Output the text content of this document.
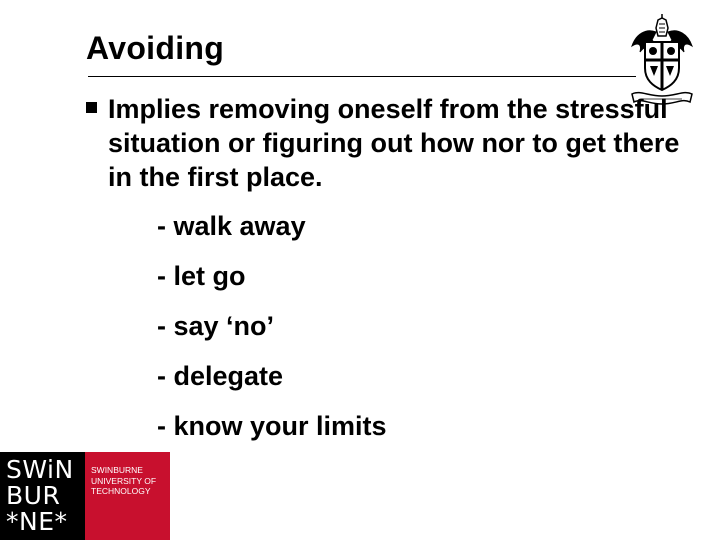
Avoiding
Implies removing oneself from the stressful situation or figuring out how nor to get there in the first place.
- walk away
- let go
- say ‘no’
- delegate
- know your limits
SWiN
BUR
*NE*
SWINBURNE
UNIVERSITY OF
TECHNOLOGY
